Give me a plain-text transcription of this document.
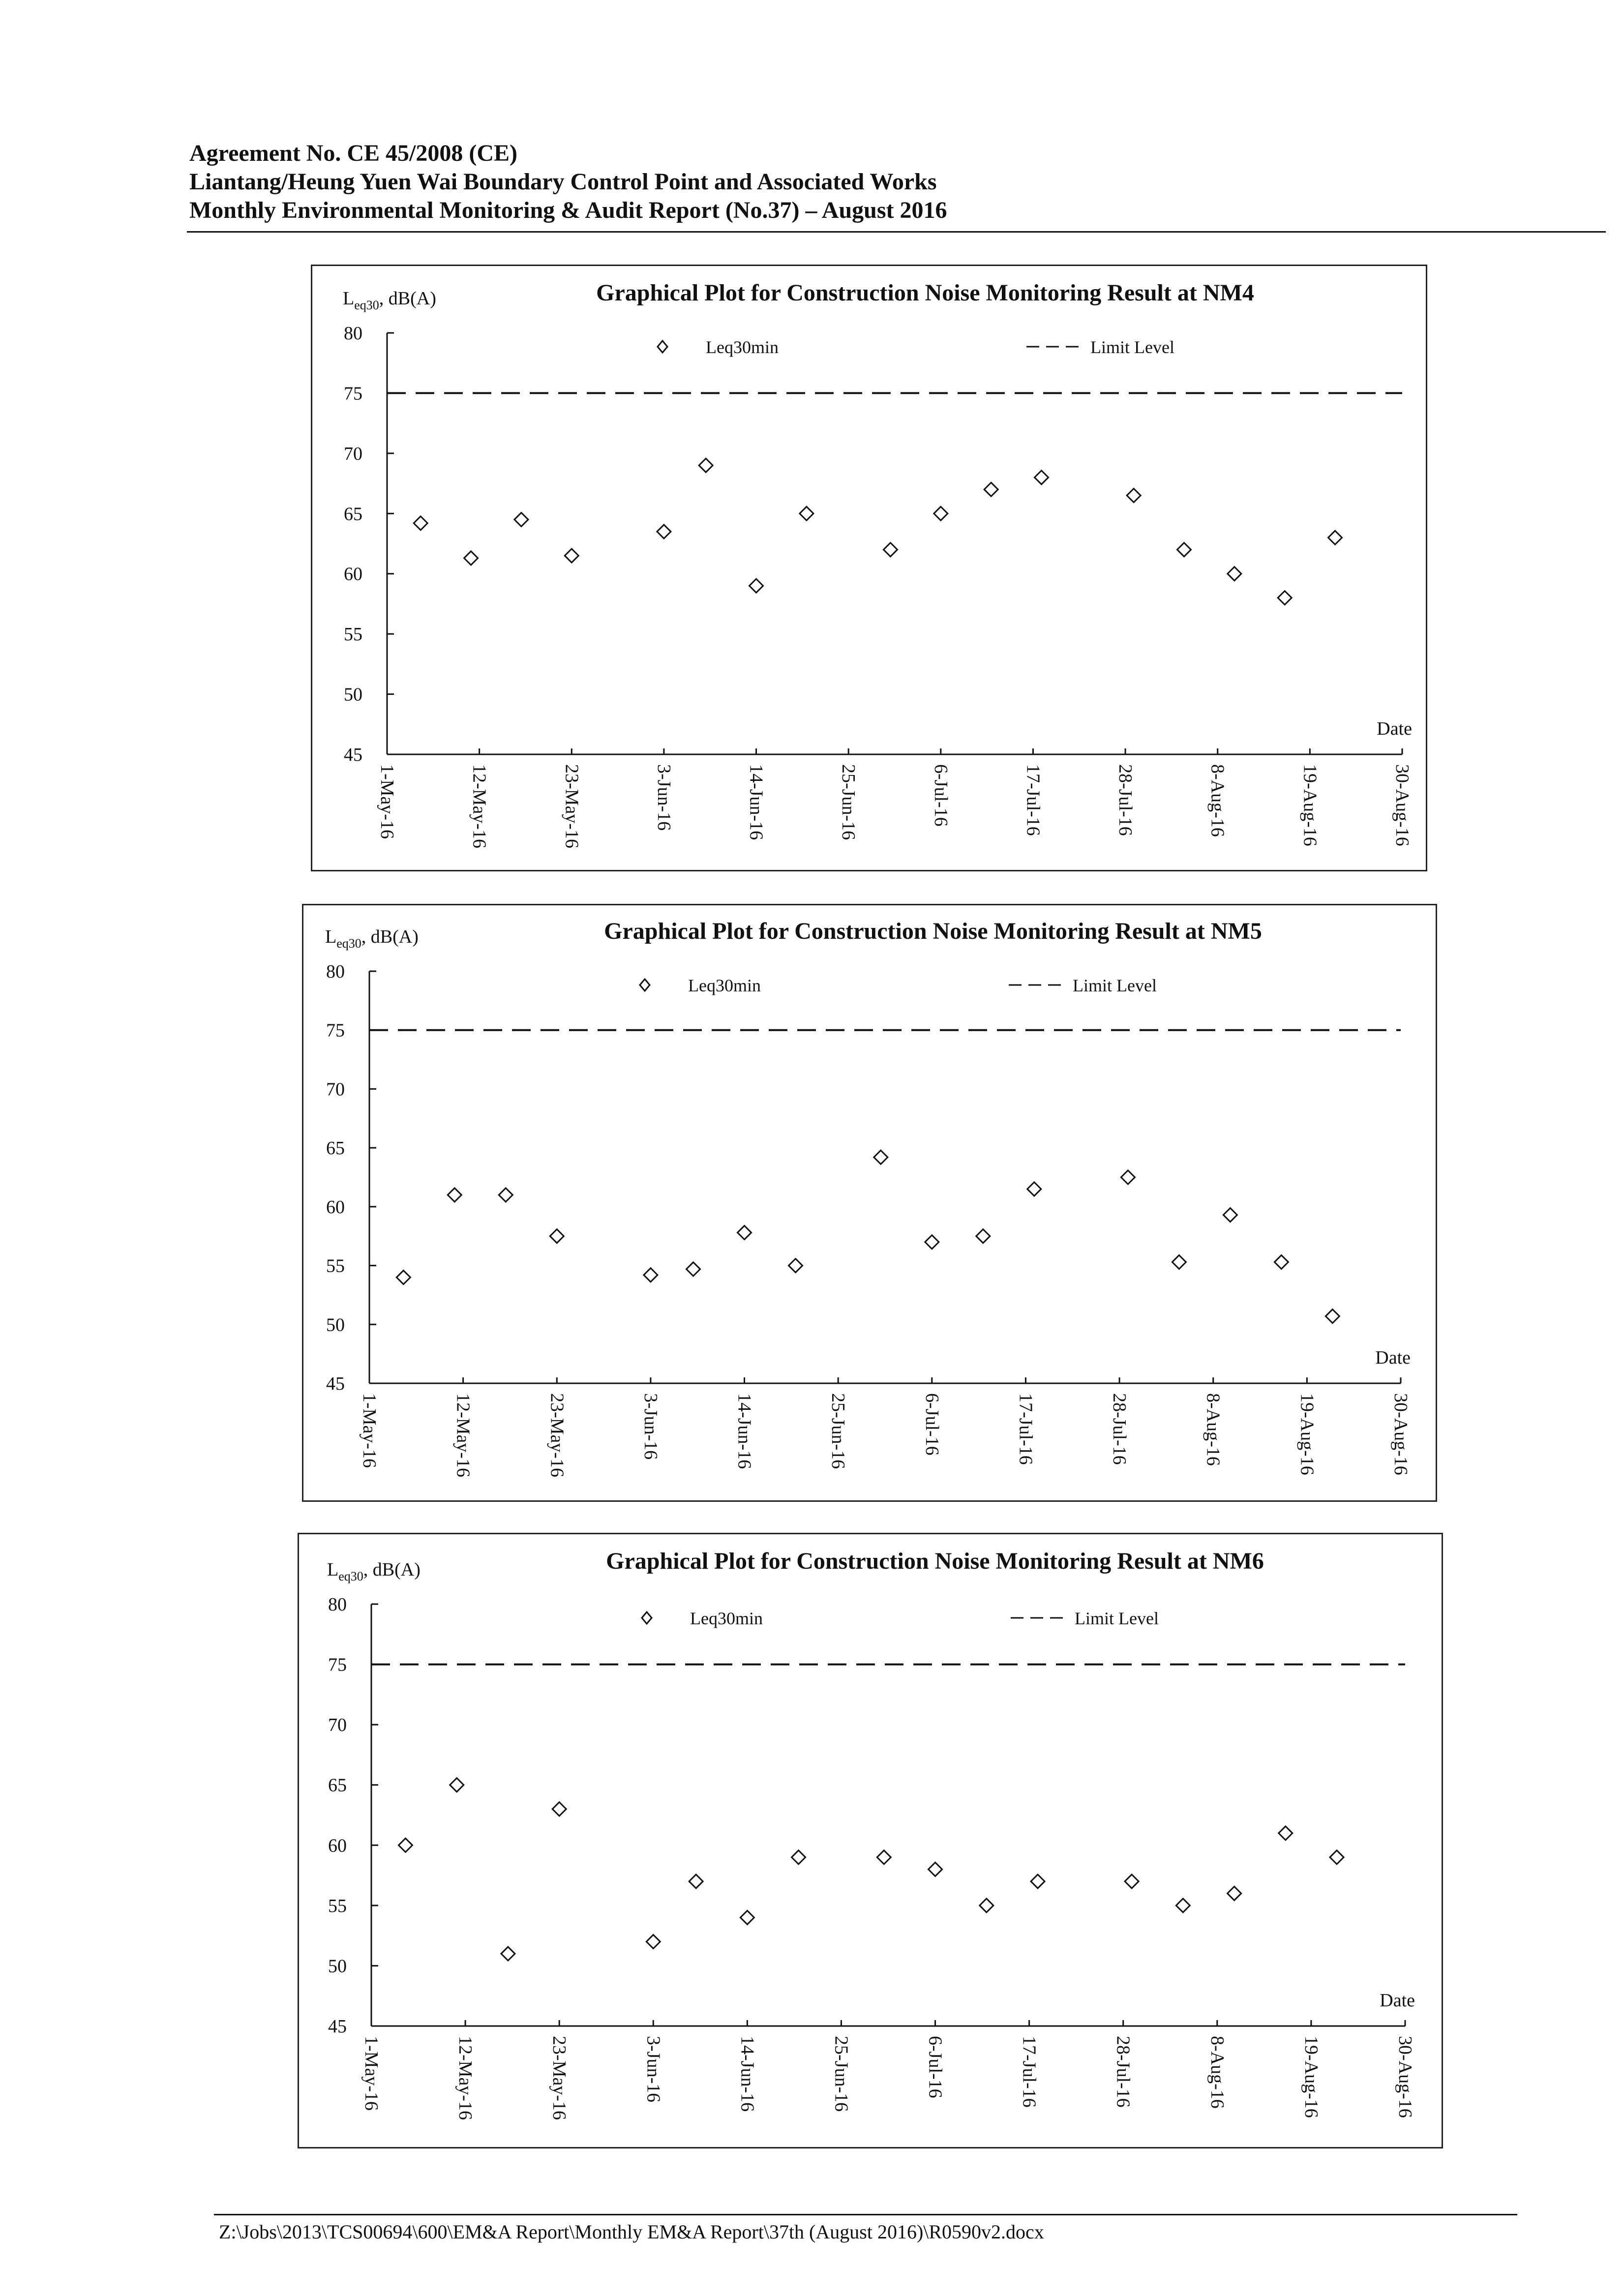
Agreement No. CE 45/2008 (CE)
Liantang/Heung Yuen Wai Boundary Control Point and Associated Works
Monthly Environmental Monitoring & Audit Report (No.37) – August 2016
Graphical Plot for Construction Noise Monitoring Result at NM4
$L_{eq30}$, dB(A)
45
50
55
60
65
70
75
80
1-May-16	12-May-16	23-May-16	3-Jun-16	14-Jun-16	25-Jun-16	6-Jul-16	17-Jul-16	28-Jul-16	8-Aug-16	19-Aug-16	30-Aug-16
Date
Leq30min	Limit Level
Graphical Plot for Construction Noise Monitoring Result at NM5
$L_{eq30}$, dB(A)
45
50
55
60
65
70
75
80
1-May-16	12-May-16	23-May-16	3-Jun-16	14-Jun-16	25-Jun-16	6-Jul-16	17-Jul-16	28-Jul-16	8-Aug-16	19-Aug-16	30-Aug-16
Date
Leq30min	Limit Level
Graphical Plot for Construction Noise Monitoring Result at NM6
$L_{eq30}$, dB(A)
45
50
55
60
65
70
75
80
1-May-16	12-May-16	23-May-16	3-Jun-16	14-Jun-16	25-Jun-16	6-Jul-16	17-Jul-16	28-Jul-16	8-Aug-16	19-Aug-16	30-Aug-16
Date
Leq30min	Limit Level
Z:\Jobs\2013\TCS00694\600\EM&A Report\Monthly EM&A Report\37th (August 2016)\R0590v2.docx
